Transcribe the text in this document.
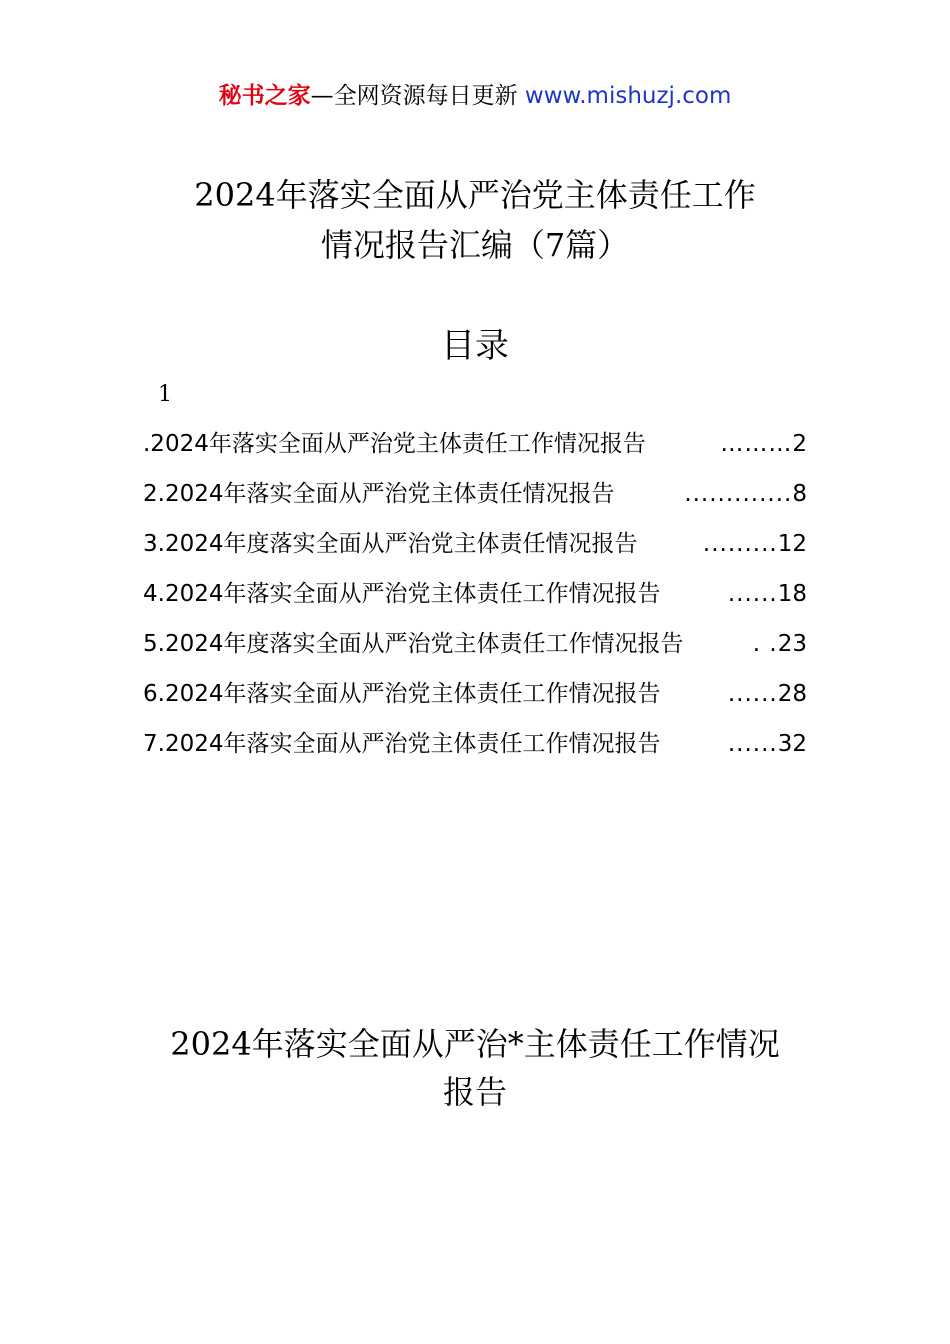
秘书之家—全网资源每日更新 www.mishuzj.com
2024年落实全面从严治党主体责任工作
情况报告汇编（7篇）
目录
1
.2024年落实全面从严治党主体责任工作情况报告	……… 2
2. 2024年落实全面从严治党主体责任情况报告	............. 8
3. 2024年度落实全面从严治党主体责任情况报告	......... 12
4. 2024年落实全面从严治党主体责任工作情况报告	...... 18
5. 2024年度落实全面从严治党主体责任工作情况报告	. . 23
6. 2024年落实全面从严治党主体责任工作情况报告	...... 28
7. 2024年落实全面从严治党主体责任工作情况报告	...... 32
2024年落实全面从严治*主体责任工作情况
报告
